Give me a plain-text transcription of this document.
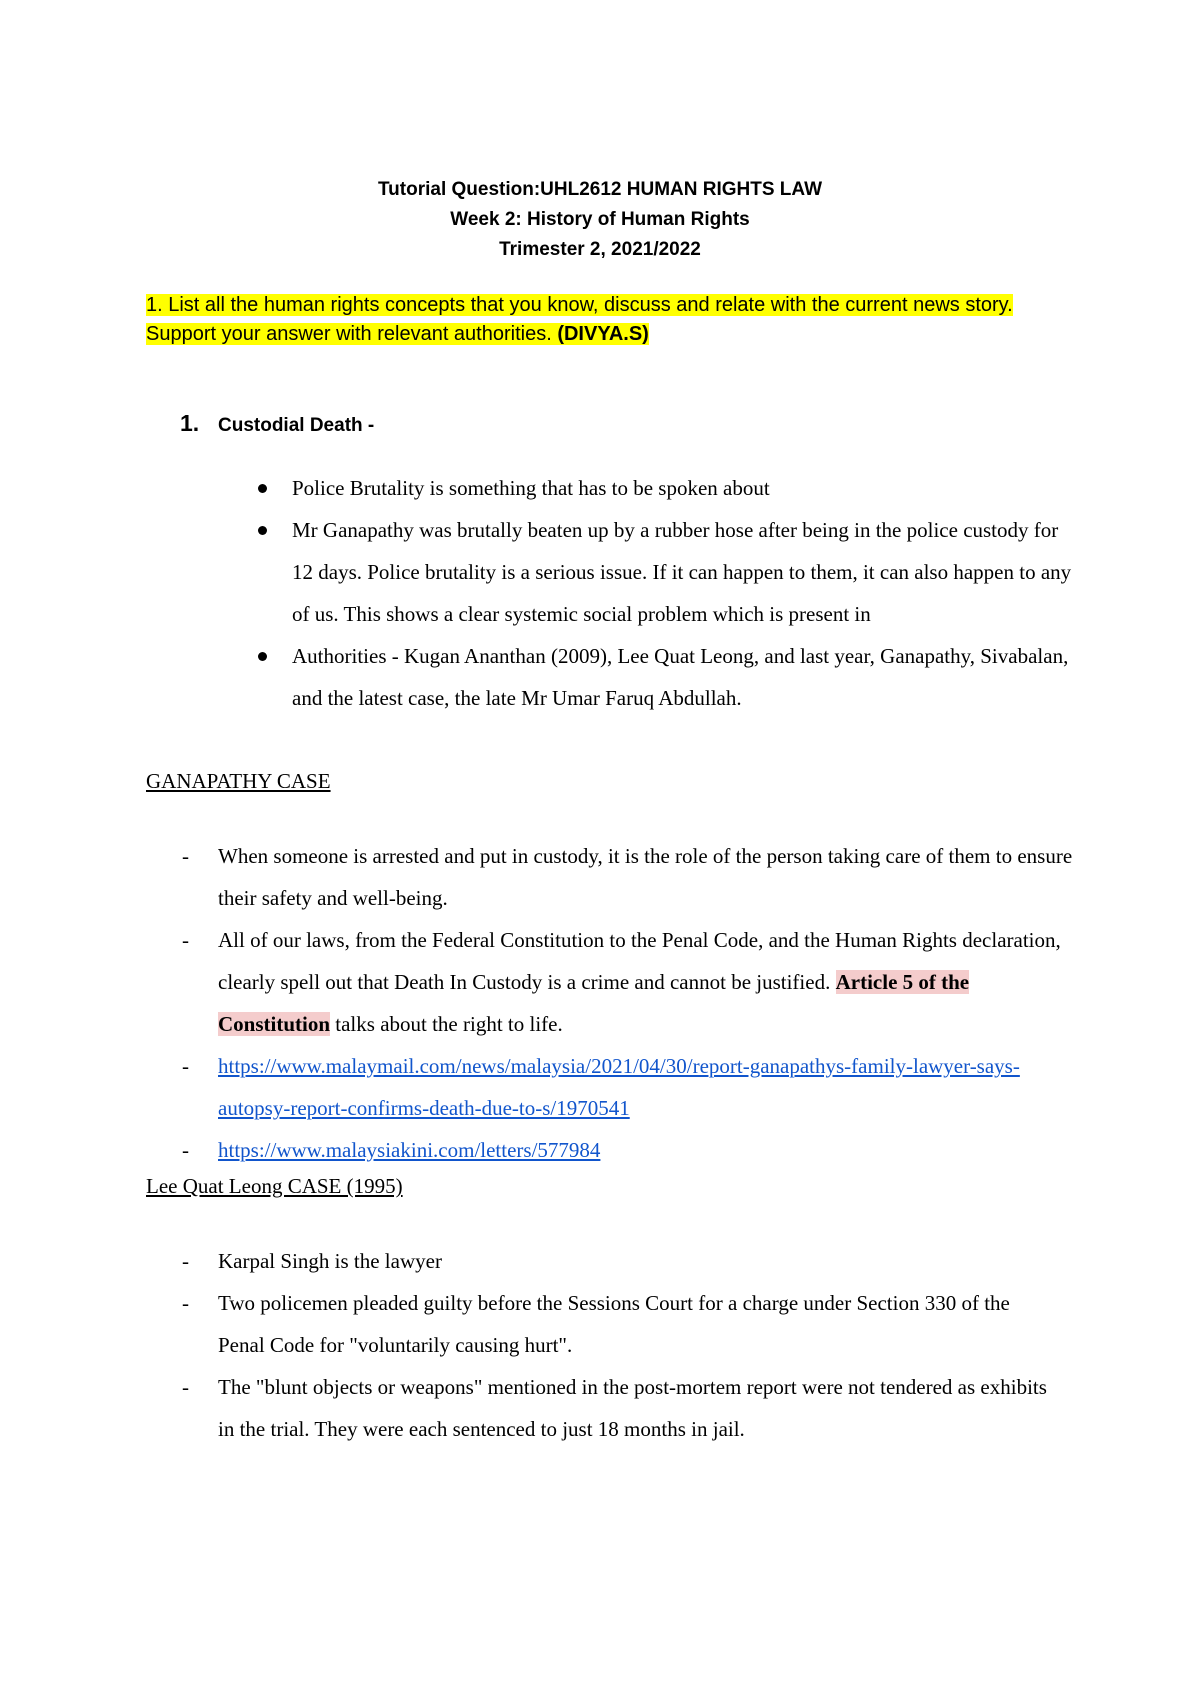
Tutorial Question:UHL2612 HUMAN RIGHTS LAW
Week 2: History of Human Rights
Trimester 2, 2021/2022
1. List all the human rights concepts that you know, discuss and relate with the current news story. Support your answer with relevant authorities. (DIVYA.S)
1. Custodial Death -
Police Brutality is something that has to be spoken about
Mr Ganapathy was brutally beaten up by a rubber hose after being in the police custody for 12 days. Police brutality is a serious issue. If it can happen to them, it can also happen to any of us. This shows a clear systemic social problem which is present in
Authorities - Kugan Ananthan (2009), Lee Quat Leong, and last year, Ganapathy, Sivabalan, and the latest case, the late Mr Umar Faruq Abdullah.
GANAPATHY CASE
- When someone is arrested and put in custody, it is the role of the person taking care of them to ensure their safety and well-being.
- All of our laws, from the Federal Constitution to the Penal Code, and the Human Rights declaration, clearly spell out that Death In Custody is a crime and cannot be justified. Article 5 of the Constitution talks about the right to life.
- https://www.malaymail.com/news/malaysia/2021/04/30/report-ganapathys-family-lawyer-says-autopsy-report-confirms-death-due-to-s/1970541
- https://www.malaysiakini.com/letters/577984
Lee Quat Leong CASE (1995)
- Karpal Singh is the lawyer
- Two policemen pleaded guilty before the Sessions Court for a charge under Section 330 of the Penal Code for "voluntarily causing hurt".
- The "blunt objects or weapons" mentioned in the post-mortem report were not tendered as exhibits in the trial. They were each sentenced to just 18 months in jail.
